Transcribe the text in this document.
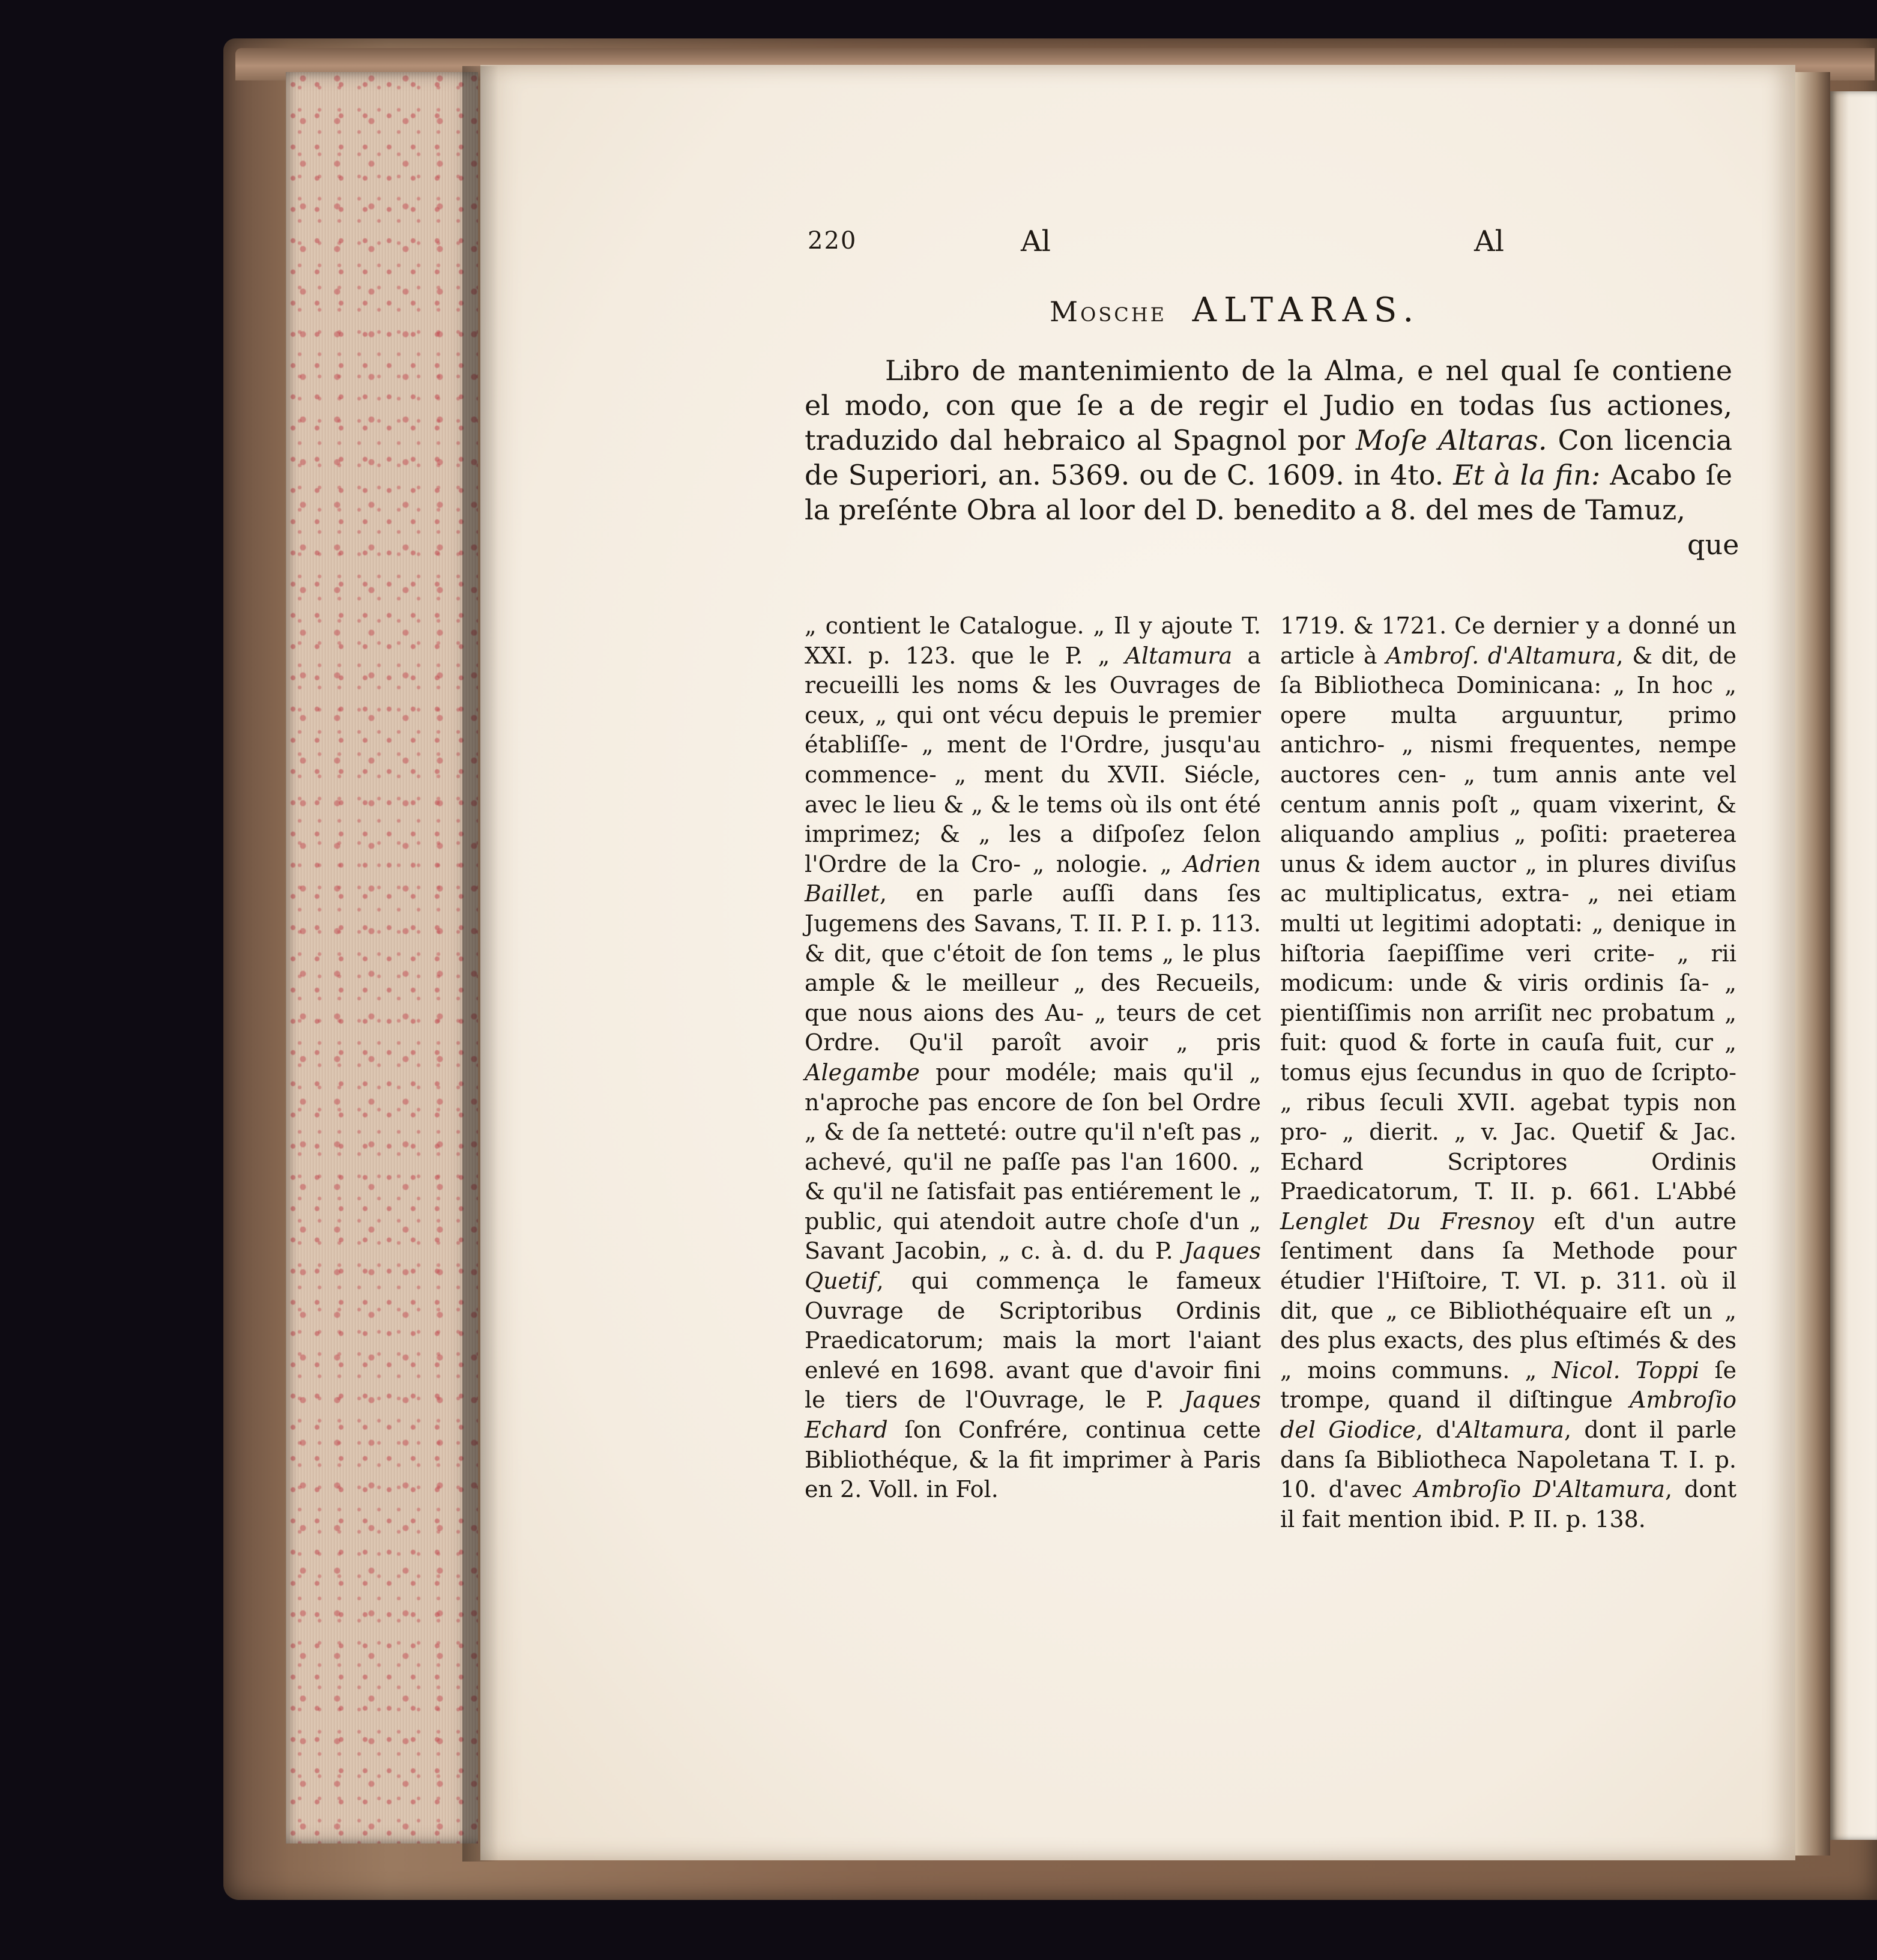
220	Al	Al
Mosche ALTARAS.
Libro de mantenimiento de la Alma, e nel qual ſe contiene el modo, con que ſe a de regir el Judio en todas ſus actiones, traduzido dal hebraico al Spagnol por Moſe Altaras. Con licencia de Superiori, an. 5369. ou de C. 1609. in 4to. Et à la fin: Acabo ſe la preſénte Obra al loor del D. benedito a 8. del mes de Tamuz,
que
„ contient le Catalogue. „ Il y ajoute T. XXI. p. 123. que le P. „ Altamura a recueilli les noms & les Ouvrages de ceux, „ qui ont vécu depuis le premier établiſſe- „ ment de l'Ordre, jusqu'au commence- „ ment du XVII. Siécle, avec le lieu & „ & le tems où ils ont été imprimez; & „ les a diſpoſez ſelon l'Ordre de la Cro- „ nologie. „ Adrien Baillet, en parle auſſi dans ſes Jugemens des Savans, T. II. P. I. p. 113. & dit, que c'étoit de ſon tems „ le plus ample & le meilleur „ des Recueils, que nous aions des Au- „ teurs de cet Ordre. Qu'il paroît avoir „ pris Alegambe pour modéle; mais qu'il „ n'aproche pas encore de ſon bel Ordre „ & de ſa netteté: outre qu'il n'eſt pas „ achevé, qu'il ne paſſe pas l'an 1600. „ & qu'il ne ſatisfait pas entiérement le „ public, qui atendoit autre choſe d'un „ Savant Jacobin, „ c. à. d. du P. Jaques Quetif, qui commença le fameux Ouvrage de Scriptoribus Ordinis Praedicatorum; mais la mort l'aiant enlevé en 1698. avant que d'avoir fini le tiers de l'Ouvrage, le P. Jaques Echard ſon Confrére, continua cette Bibliothéque, & la fit imprimer à Paris en 2. Voll. in Fol.
1719. & 1721. Ce dernier y a donné un article à Ambroſ. d'Altamura, & dit, de ſa Bibliotheca Dominicana: „ In hoc „ opere multa arguuntur, primo antichro- „ nismi frequentes, nempe auctores cen- „ tum annis ante vel centum annis poſt „ quam vixerint, & aliquando amplius „ poſiti: praeterea unus & idem auctor „ in plures diviſus ac multiplicatus, extra- „ nei etiam multi ut legitimi adoptati: „ denique in hiſtoria ſaepiſſime veri crite- „ rii modicum: unde & viris ordinis ſa- „ pientiſſimis non arriſit nec probatum „ fuit: quod & forte in cauſa fuit, cur „ tomus ejus ſecundus in quo de ſcripto- „ ribus ſeculi XVII. agebat typis non pro- „ dierit. „ v. Jac. Quetif & Jac. Echard Scriptores Ordinis Praedicatorum, T. II. p. 661. L'Abbé Lenglet Du Fresnoy eſt d'un autre ſentiment dans ſa Methode pour étudier l'Hiſtoire, T. VI. p. 311. où il dit, que „ ce Bibliothéquaire eſt un „ des plus exacts, des plus eſtimés & des „ moins communs. „ Nicol. Toppi ſe trompe, quand il diſtingue Ambroſio del Giodice, d'Altamura, dont il parle dans ſa Bibliotheca Napoletana T. I. p. 10. d'avec Ambroſio D'Altamura, dont il fait mention ibid. P. II. p. 138.
